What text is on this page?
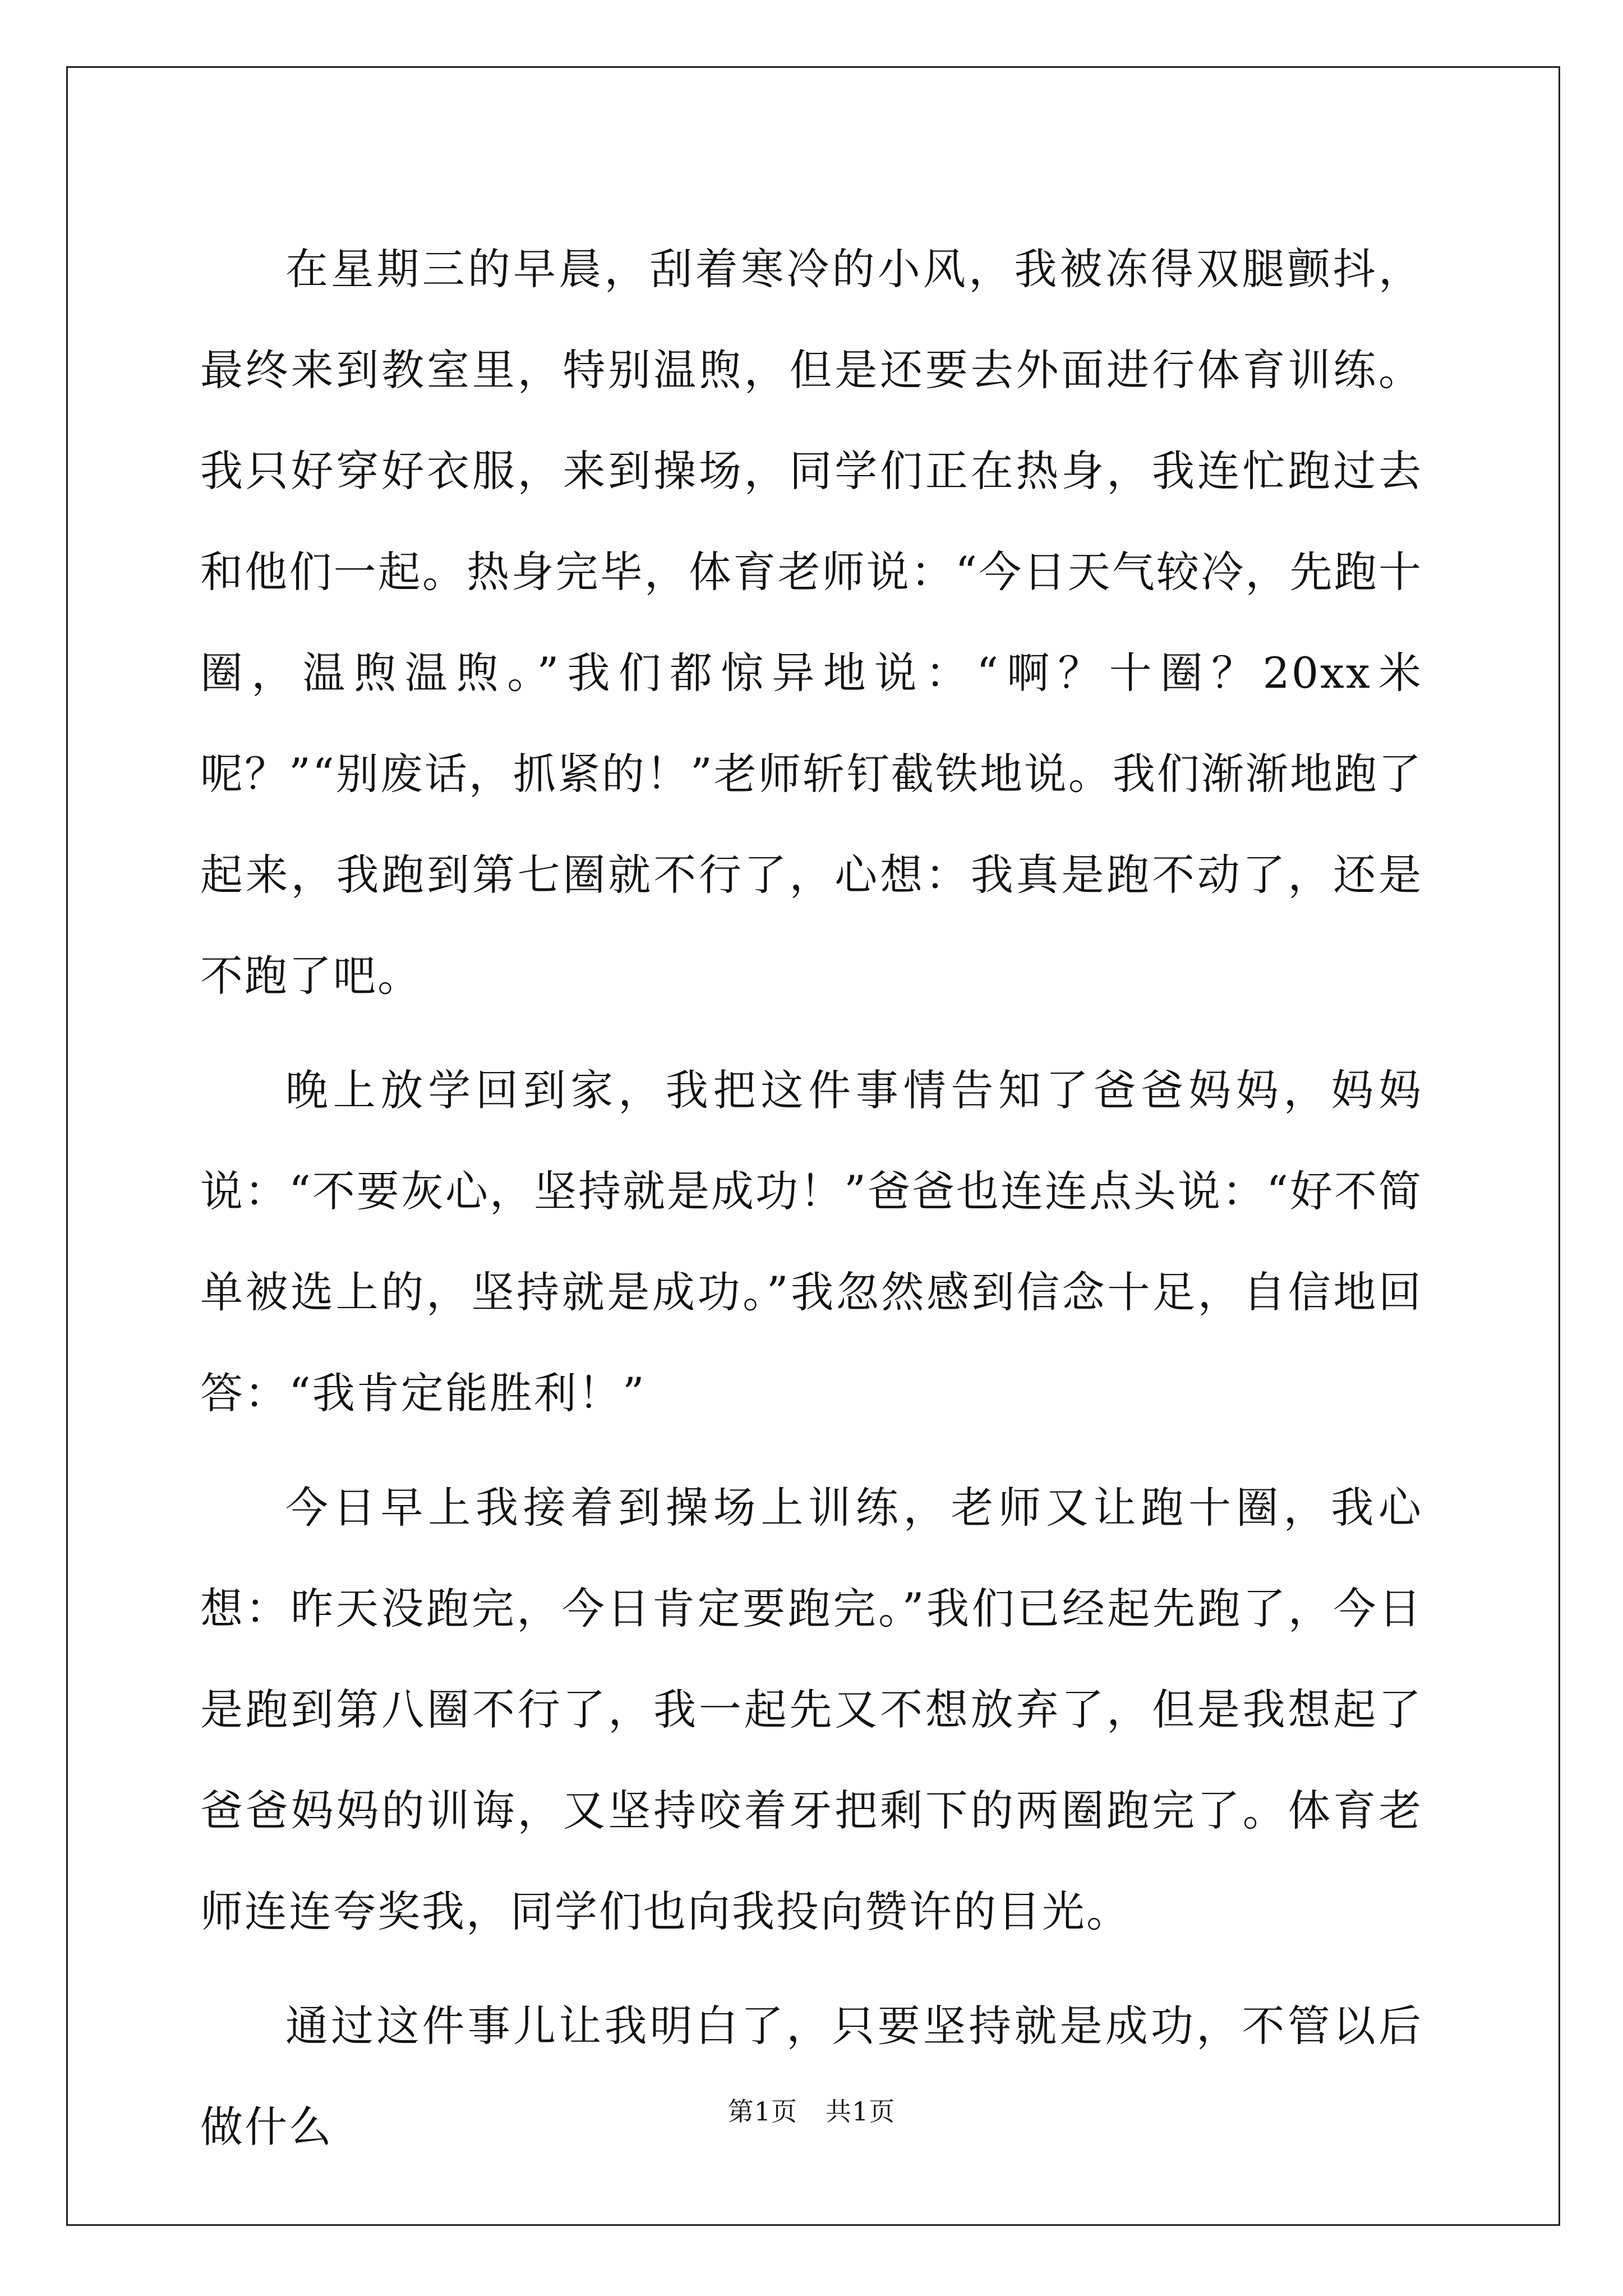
在星期三的早晨，刮着寒冷的小风，我被冻得双腿颤抖，最终来到教室里，特别温煦，但是还要去外面进行体育训练。我只好穿好衣服，来到操场，同学们正在热身，我连忙跑过去和他们一起。热身完毕，体育老师说：“今日天气较冷，先跑十圈，温煦温煦。”我们都惊异地说：“啊？十圈？20xx米呢？”“别废话，抓紧的！”老师斩钉截铁地说。我们渐渐地跑了起来，我跑到第七圈就不行了，心想：我真是跑不动了，还是不跑了吧。

晚上放学回到家，我把这件事情告知了爸爸妈妈，妈妈说：“不要灰心，坚持就是成功！”爸爸也连连点头说：“好不简单被选上的，坚持就是成功。”我忽然感到信念十足，自信地回答：“我肯定能胜利！”

今日早上我接着到操场上训练，老师又让跑十圈，我心想：昨天没跑完，今日肯定要跑完。”我们已经起先跑了，今日是跑到第八圈不行了，我一起先又不想放弃了，但是我想起了爸爸妈妈的训诲，又坚持咬着牙把剩下的两圈跑完了。体育老师连连夸奖我，同学们也向我投向赞许的目光。

通过这件事儿让我明白了，只要坚持就是成功，不管以后做什么	第1页 共1页
